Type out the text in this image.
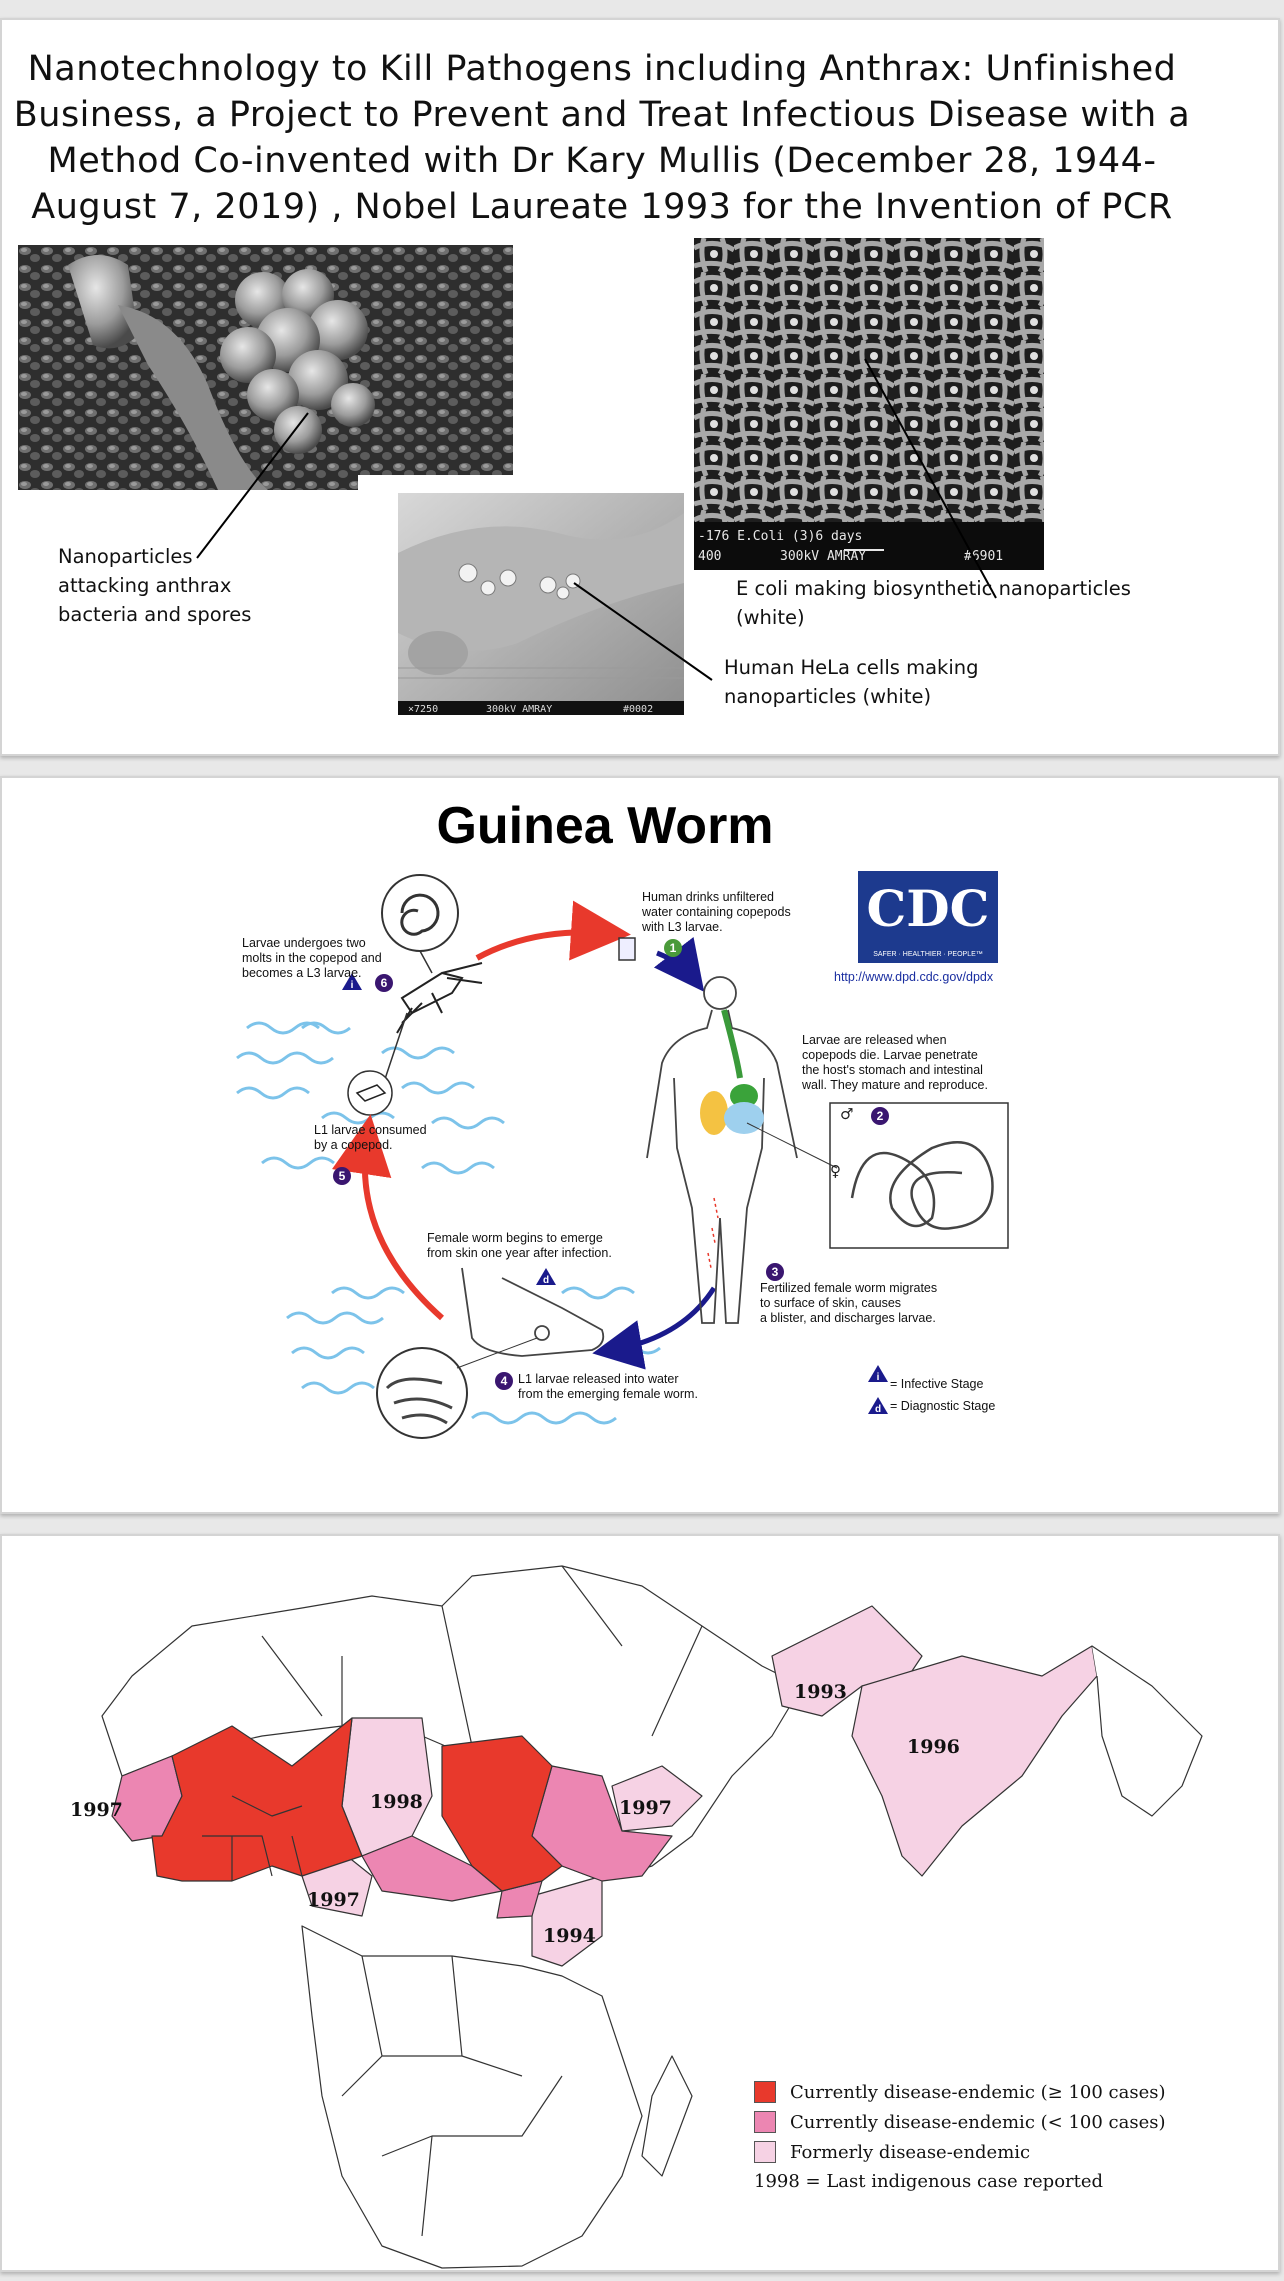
Nanotechnology to Kill Pathogens including Anthrax: Unfinished
Business, a Project to Prevent and Treat Infectious Disease with a
Method Co-invented with Dr Kary Mullis (December 28, 1944-
August 7, 2019) , Nobel Laureate 1993 for the Invention of PCR
×7250	300kV AMRAY	#0002
-176 E.Coli (3)6 days
400	300kV AMRAY	#6901
Nanoparticles
attacking anthrax
bacteria and spores
Human HeLa cells making
nanoparticles (white)
E coli making biosynthetic nanoparticles
(white)
Guinea Worm
1
2
3
4
5
6
i
d
i
d
♂
♀
CDC
SAFER · HEALTHIER · PEOPLE™
http://www.dpd.cdc.gov/dpdx
Human drinks unfiltered
water containing copepods
with L3 larvae.
Larvae are released when
copepods die. Larvae penetrate
the host's stomach and intestinal
wall. They mature and reproduce.
Fertilized female worm migrates
to surface of skin, causes
a blister, and discharges larvae.
L1 larvae released into water
from the emerging female worm.
L1 larvae consumed
by a copepod.
Larvae undergoes two
molts in the copepod and
becomes a L3 larvae.
Female worm begins to emerge
from skin one year after infection.
= Infective Stage
= Diagnostic Stage
1993
1996
1997	1998	1997
1997
1994
Currently disease-endemic (≥ 100 cases)
Currently disease-endemic (< 100 cases)
Formerly disease-endemic
1998 = Last indigenous case reported
